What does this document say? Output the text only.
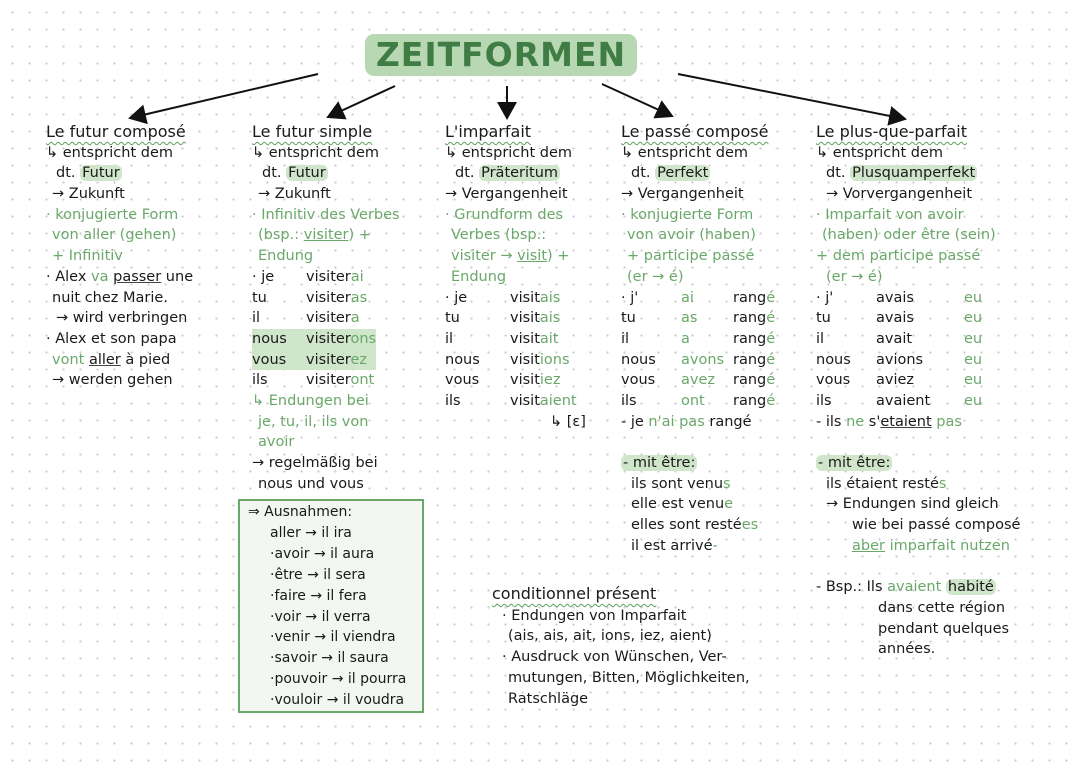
ZEITFORMEN
Le futur composé
↳ entspricht dem
dt. Futur
→ Zukunft
· konjugierte Form
von aller (gehen)
+ Infinitiv
· Alex va passer une
nuit chez Marie.
→ wird verbringen
· Alex et son papa
vont aller à pied
→ werden gehen
Le futur simple
↳ entspricht dem
dt. Futur
→ Zukunft
· Infinitiv des Verbes
(bsp.: visiter) +
Endung
· je	visiterai
tu	visiteras
il	visitera
nous	visiterons
vous	visiterez
ils	visiteront
↳ Endungen bei
je, tu, il, ils von
avoir
→ regelmäßig bei
nous und vous
⇒ Ausnahmen:
aller → il ira
·avoir → il aura
·être → il sera
·faire → il fera
·voir → il verra
·venir → il viendra
·savoir → il saura
·pouvoir → il pourra
·vouloir → il voudra
L'imparfait
↳ entspricht dem
dt. Präteritum
→ Vergangenheit
· Grundform des
Verbes (bsp.:
visiter → visit) +
Endung
· je	visitais
tu	visitais
il	visitait
nous	visitions
vous	visitiez
ils	visitaient
	↳ [ɛ]
Le passé composé
↳ entspricht dem
dt. Perfekt
→ Vergangenheit
· konjugierte Form
von avoir (haben)
+ participe passé
(er → é)
· j'	ai	rangé
tu	as	rangé
il	a	rangé
nous	avons	rangé
vous	avez	rangé
ils	ont	rangé
- je n'ai pas rangé
- mit être:
ils sont venus
elle est venue
elles sont restées
il est arrivé-
Le plus-que-parfait
↳ entspricht dem
dt. Plusquamperfekt
→ Vorvergangenheit
· Imparfait von avoir
(haben) oder être (sein)
+ dem participe passé
(er → é)
· j'	avais	eu
tu	avais	eu
il	avait	eu
nous	avions	eu
vous	aviez	eu
ils	avaient	eu
- ils ne s'etaient pas
- mit être:
ils étaient restés
→ Endungen sind gleich
wie bei passé composé
aber imparfait nutzen
- Bsp.: Ils avaient habité
dans cette région
pendant quelques
années.
conditionnel présent
· Endungen von Imparfait
(ais, ais, ait, ions, iez, aient)
· Ausdruck von Wünschen, Ver-
mutungen, Bitten, Möglichkeiten,
Ratschläge
